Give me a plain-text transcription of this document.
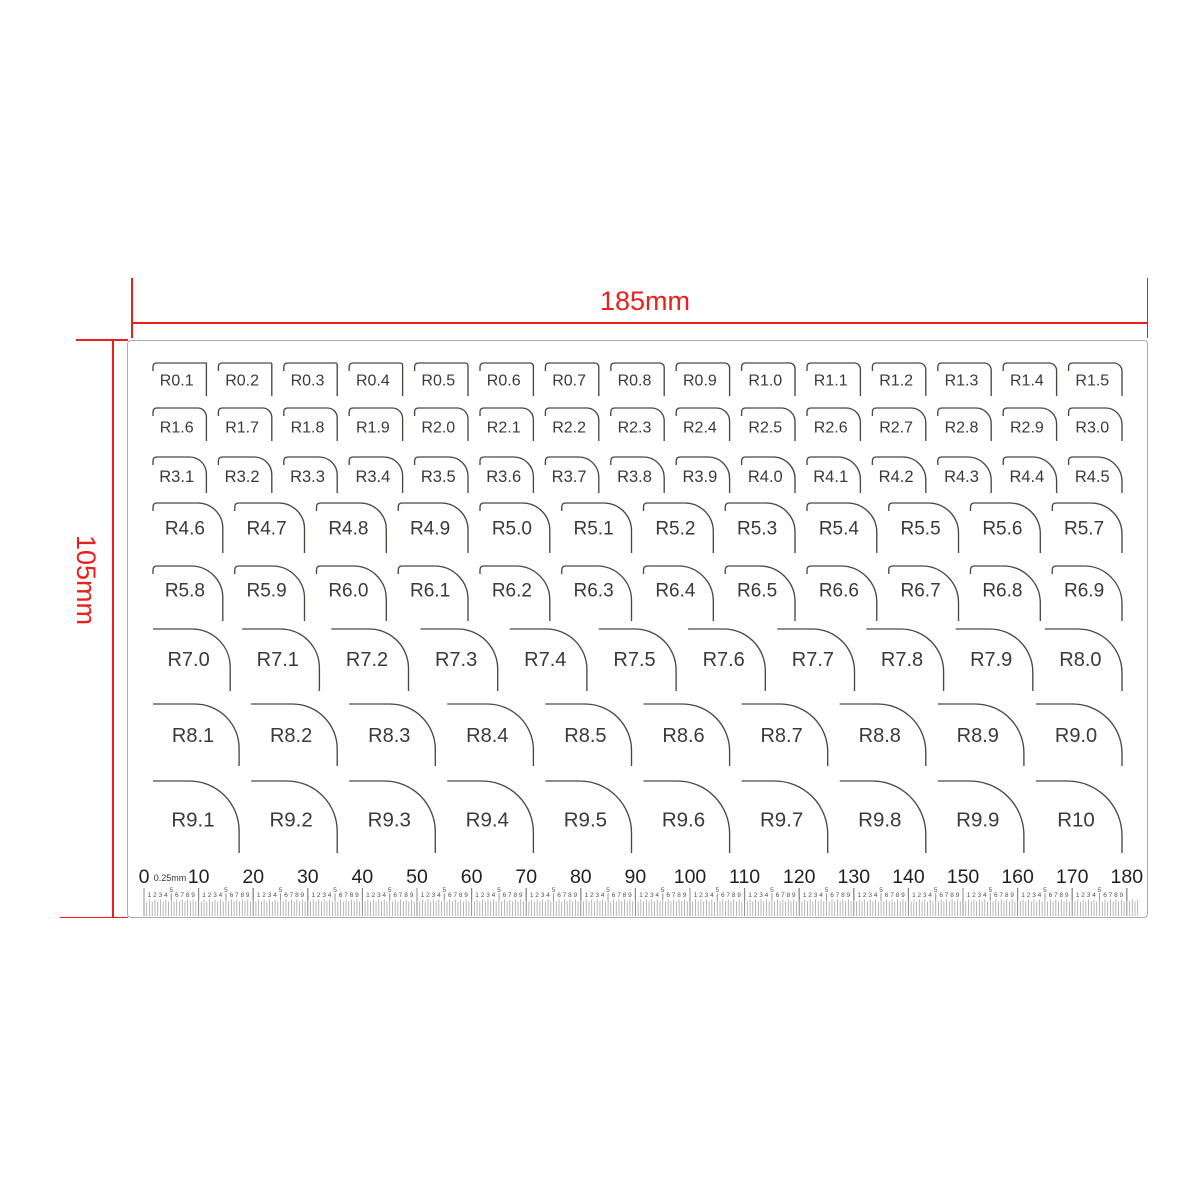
185mm
105mm
R0.1 R0.2 R0.3 R0.4 R0.5 R0.6 R0.7 R0.8 R0.9 R1.0 R1.1 R1.2 R1.3 R1.4 R1.5
R1.6 R1.7 R1.8 R1.9 R2.0 R2.1 R2.2 R2.3 R2.4 R2.5 R2.6 R2.7 R2.8 R2.9 R3.0
R3.1 R3.2 R3.3 R3.4 R3.5 R3.6 R3.7 R3.8 R3.9 R4.0 R4.1 R4.2 R4.3 R4.4 R4.5
R4.6 R4.7 R4.8 R4.9 R5.0 R5.1 R5.2 R5.3 R5.4 R5.5 R5.6 R5.7
R5.8 R5.9 R6.0 R6.1 R6.2 R6.3 R6.4 R6.5 R6.6 R6.7 R6.8 R6.9
R7.0 R7.1 R7.2 R7.3 R7.4 R7.5 R7.6 R7.7 R7.8 R7.9 R8.0
R8.1	R8.2	R8.3	R8.4	R8.5	R8.6	R8.7	R8.8	R8.9	R9.0
R9.1	R9.2	R9.3	R9.4	R9.5	R9.6	R9.7	R9.8	R9.9	R10
0 10 20 30 40 50 60 70 80 90 100 110 120 130 140 150 160 170 180
0.25mm
1 2 3 4
5
6 7 8 9 1 2 3 4
5
6 7 8 9 1 2 3 4
5
6 7 8 9 1 2 3 4
5
6 7 8 9 1 2 3 4
5
6 7 8 9 1 2 3 4
5
6 7 8 9 1 2 3 4
5
6 7 8 9 1 2 3 4
5
6 7 8 9 1 2 3 4
5
6 7 8 9 1 2 3 4
5
6 7 8 9 1 2 3 4
5
6 7 8 9 1 2 3 4
5
6 7 8 9 1 2 3 4
5
6 7 8 9 1 2 3 4
5
6 7 8 9 1 2 3 4
5
6 7 8 9 1 2 3 4
5
6 7 8 9 1 2 3 4
5
6 7 8 9 1 2 3 4
5
6 7 8 9
